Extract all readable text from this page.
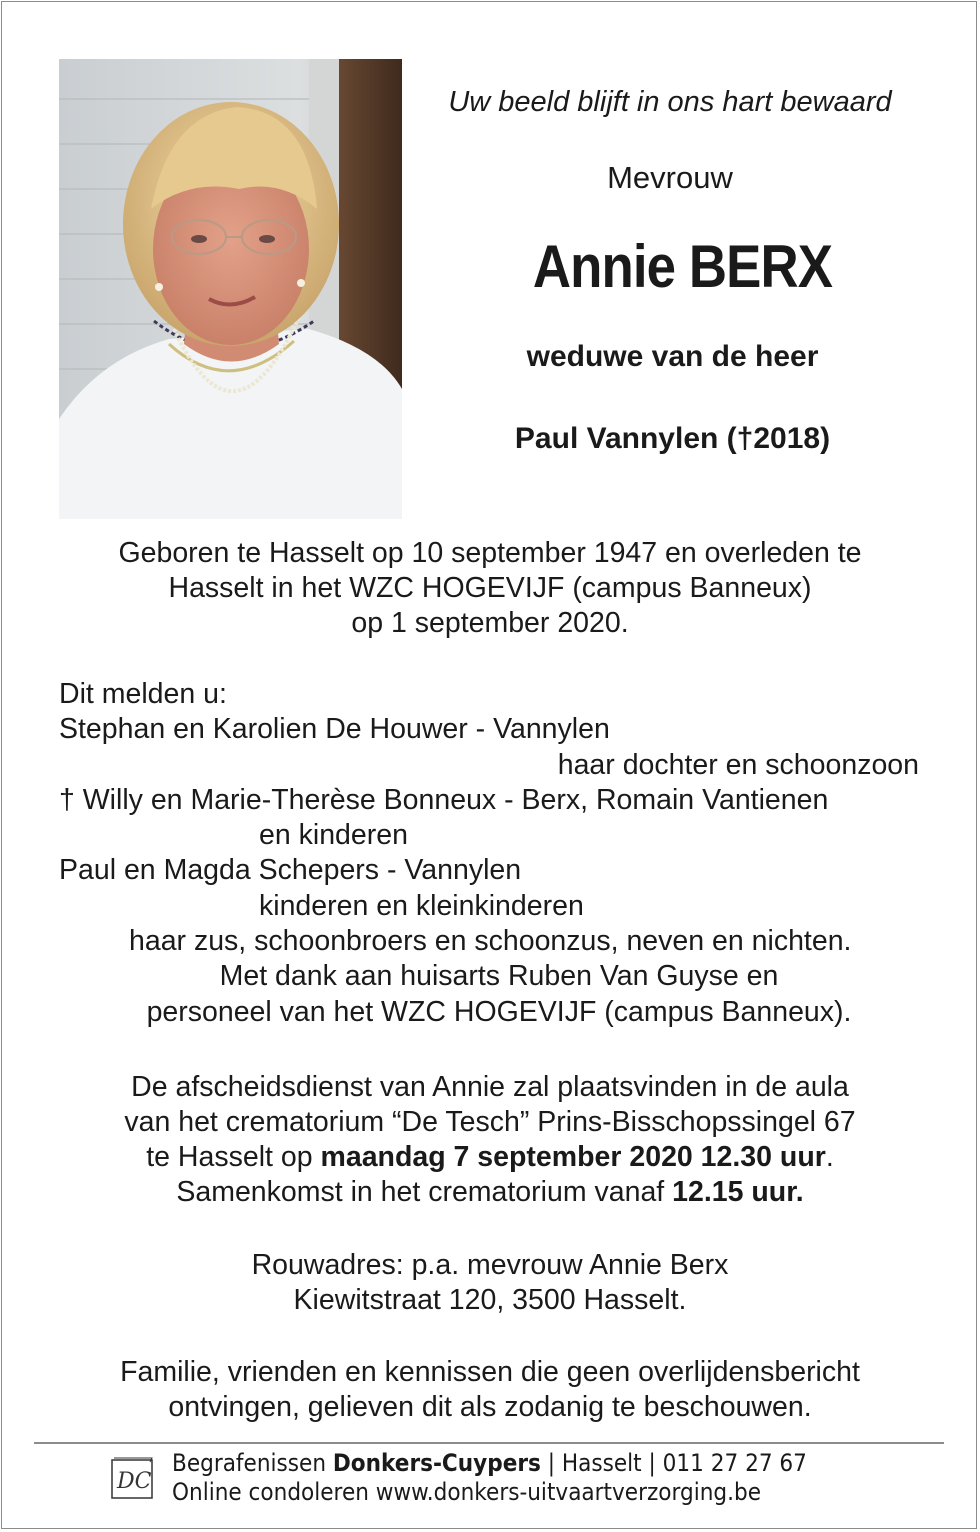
Uw beeld blijft in ons hart bewaard
Mevrouw
Annie BERX
weduwe van de heer
Paul Vannylen (†2018)
Geboren te Hasselt op 10 september 1947 en overleden te
Hasselt in het WZC HOGEVIJF (campus Banneux)
op 1 september 2020.
Dit melden u:
Stephan en Karolien De Houwer - Vannylen
haar dochter en schoonzoon
† Willy en Marie-Therèse Bonneux - Berx, Romain Vantienen
en kinderen
Paul en Magda Schepers - Vannylen
kinderen en kleinkinderen
haar zus, schoonbroers en schoonzus, neven en nichten.
Met dank aan huisarts Ruben Van Guyse en
personeel van het WZC HOGEVIJF (campus Banneux).
De afscheidsdienst van Annie zal plaatsvinden in de aula
van het crematorium “De Tesch” Prins-Bisschopssingel 67
te Hasselt op maandag 7 september 2020 12.30 uur.
Samenkomst in het crematorium vanaf 12.15 uur.
Rouwadres: p.a. mevrouw Annie Berx
Kiewitstraat 120, 3500 Hasselt.
Familie, vrienden en kennissen die geen overlijdensbericht
ontvingen, gelieven dit als zodanig te beschouwen.
DC
Begrafenissen Donkers-Cuypers | Hasselt | 011 27 27 67
Online condoleren www.donkers-uitvaartverzorging.be
